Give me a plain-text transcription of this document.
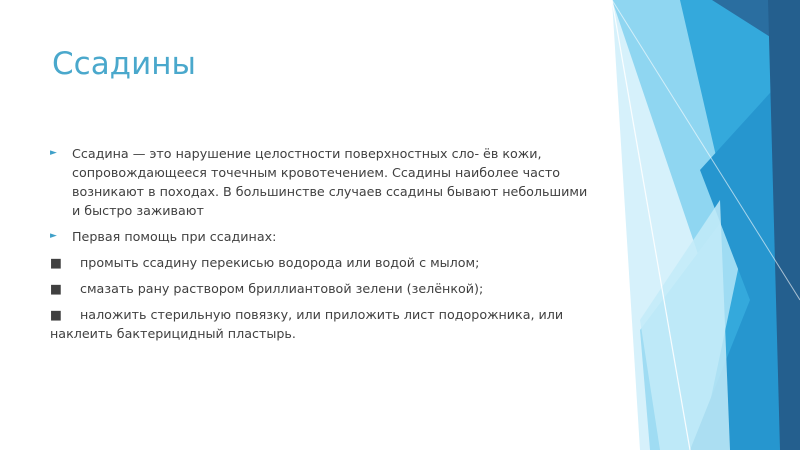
Ссадины
► Ссадина — это нарушение целостности поверхностных сло- ёв кожи, сопровождающееся точечным кровотечением. Ссадины наиболее часто возникают в походах. В большинстве случаев ссадины бывают небольшими и быстро заживают
► Первая помощь при ссадинах:
■ промыть ссадину перекисью водорода или водой с мылом;
■ смазать рану раствором бриллиантовой зелени (зелёнкой);
■ наложить стерильную повязку, или приложить лист подорожника, или наклеить бактерицидный пластырь.
